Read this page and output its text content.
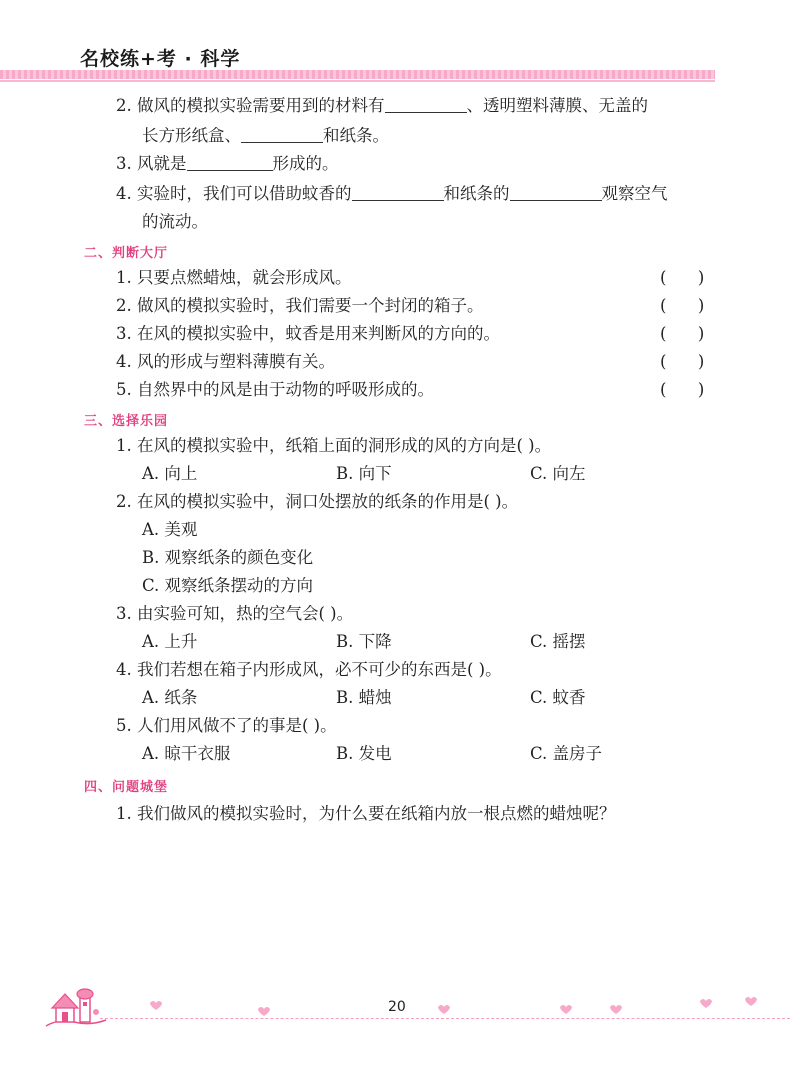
名校练+考 · 科学
2. 做风的模拟实验需要用到的材料有	、透明塑料薄膜、无盖的
长方形纸盒、	和纸条。
3. 风就是	形成的。
4. 实验时，我们可以借助蚊香的	和纸条的	观察空气
的流动。
二、判断大厅
1. 只要点燃蜡烛，就会形成风。	(      )
2. 做风的模拟实验时，我们需要一个封闭的箱子。	(      )
3. 在风的模拟实验中，蚊香是用来判断风的方向的。	(      )
4. 风的形成与塑料薄膜有关。	(      )
5. 自然界中的风是由于动物的呼吸形成的。	(      )
三、选择乐园
1. 在风的模拟实验中，纸箱上面的洞形成的风的方向是( )。
A. 向上	B. 向下	C. 向左
2. 在风的模拟实验中，洞口处摆放的纸条的作用是( )。
A. 美观
B. 观察纸条的颜色变化
C. 观察纸条摆动的方向
3. 由实验可知，热的空气会( )。
A. 上升	B. 下降	C. 摇摆
4. 我们若想在箱子内形成风，必不可少的东西是( )。
A. 纸条	B. 蜡烛	C. 蚊香
5. 人们用风做不了的事是( )。
A. 晾干衣服	B. 发电	C. 盖房子
四、问题城堡
1. 我们做风的模拟实验时，为什么要在纸箱内放一根点燃的蜡烛呢？
20
